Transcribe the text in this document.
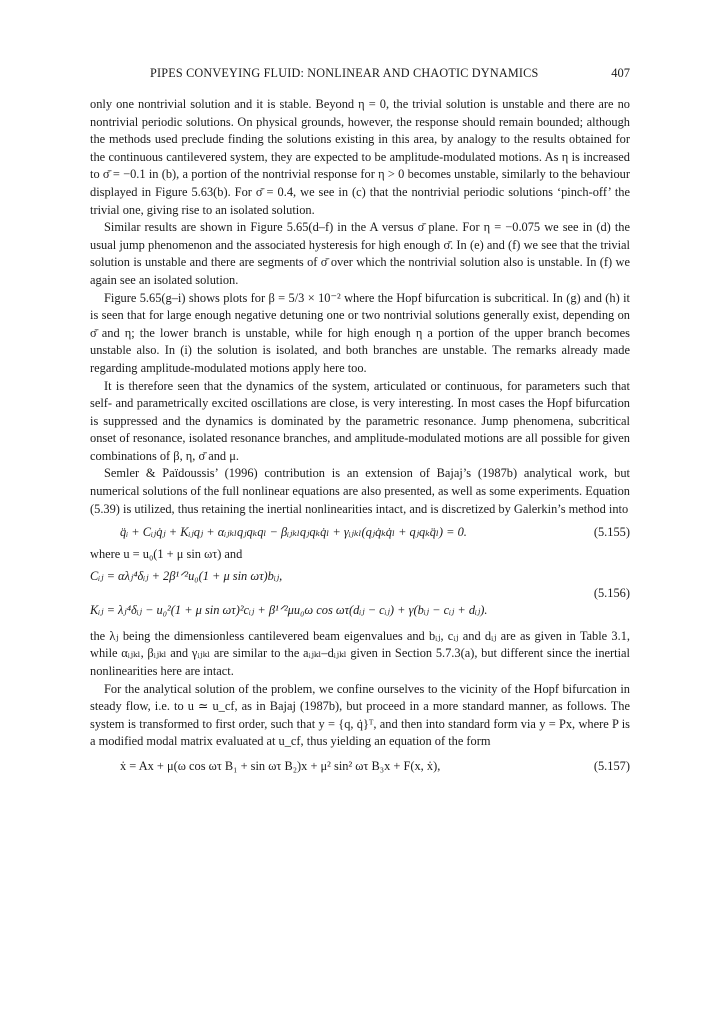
PIPES CONVEYING FLUID: NONLINEAR AND CHAOTIC DYNAMICS	407

only one nontrivial solution and it is stable. Beyond η = 0, the trivial solution is unstable and there are no nontrivial periodic solutions. On physical grounds, however, the response should remain bounded; although the methods used preclude finding the solutions existing in this area, by analogy to the results obtained for the continuous cantilevered system, they are expected to be amplitude-modulated motions. As η is increased to σ̄ = −0.1 in (b), a portion of the nontrivial response for η > 0 becomes unstable, similarly to the behaviour displayed in Figure 5.63(b). For σ̄ = 0.4, we see in (c) that the nontrivial periodic solutions ‘pinch-off’ the trivial one, giving rise to an isolated solution.

Similar results are shown in Figure 5.65(d–f) in the A versus σ̄ plane. For η = −0.075 we see in (d) the usual jump phenomenon and the associated hysteresis for high enough σ̄. In (e) and (f) we see that the trivial solution is unstable and there are segments of σ̄ over which the nontrivial solution also is unstable. In (f) we again see an isolated solution.

Figure 5.65(g–i) shows plots for β = 5/3 × 10⁻² where the Hopf bifurcation is subcritical. In (g) and (h) it is seen that for large enough negative detuning one or two nontrivial solutions generally exist, depending on σ̄ and η; the lower branch is unstable, while for high enough η a portion of the upper branch becomes unstable also. In (i) the solution is isolated, and both branches are unstable. The remarks already made regarding amplitude-modulated motions apply here too.

It is therefore seen that the dynamics of the system, articulated or continuous, for parameters such that self- and parametrically excited oscillations are close, is very interesting. In most cases the Hopf bifurcation is suppressed and the dynamics is dominated by the parametric resonance. Jump phenomena, subcritical onset of resonance, isolated resonance branches, and amplitude-modulated motions are all possible for given combinations of β, η, σ̄ and μ.

Semler & Païdoussis’ (1996) contribution is an extension of Bajaj’s (1987b) analytical work, but numerical solutions of the full nonlinear equations are also presented, as well as some experiments. Equation (5.39) is utilized, thus retaining the inertial nonlinearities intact, and is discretized by Galerkin’s method into

q̈ᵢ + Cᵢⱼq̇ⱼ + Kᵢⱼqⱼ + αᵢⱼₖₗqⱼqₖqₗ − βᵢⱼₖₗqⱼqₖq̇ₗ + γᵢⱼₖₗ(qⱼq̇ₖq̇ₗ + qⱼqₖq̈ₗ) = 0.	(5.155)

where u = u₀(1 + μ sin ωτ) and

Cᵢⱼ = αλⱼ⁴δᵢⱼ + 2β¹ᐟ²u₀(1 + μ sin ωτ)bᵢⱼ,
(5.156)
Kᵢⱼ = λⱼ⁴δᵢⱼ − u₀²(1 + μ sin ωτ)²cᵢⱼ + β¹ᐟ²μu₀ω cos ωτ(dᵢⱼ − cᵢⱼ) + γ(bᵢⱼ − cᵢⱼ + dᵢⱼ).

the λⱼ being the dimensionless cantilevered beam eigenvalues and bᵢⱼ, cᵢⱼ and dᵢⱼ are as given in Table 3.1, while αᵢⱼₖₗ, βᵢⱼₖₗ and γᵢⱼₖₗ are similar to the aᵢⱼₖₗ–dᵢⱼₖₗ given in Section 5.7.3(a), but different since the inertial nonlinearities here are intact.

For the analytical solution of the problem, we confine ourselves to the vicinity of the Hopf bifurcation in steady flow, i.e. to u ≃ u_cf, as in Bajaj (1987b), but proceed in a more standard manner, as follows. The system is transformed to first order, such that y = {q, q̇}ᵀ, and then into standard form via y = Px, where P is a modified modal matrix evaluated at u_cf, thus yielding an equation of the form

ẋ = Ax + μ(ω cos ωτ B₁ + sin ωτ B₂)x + μ² sin² ωτ B₃x + F(x, ẋ),	(5.157)
